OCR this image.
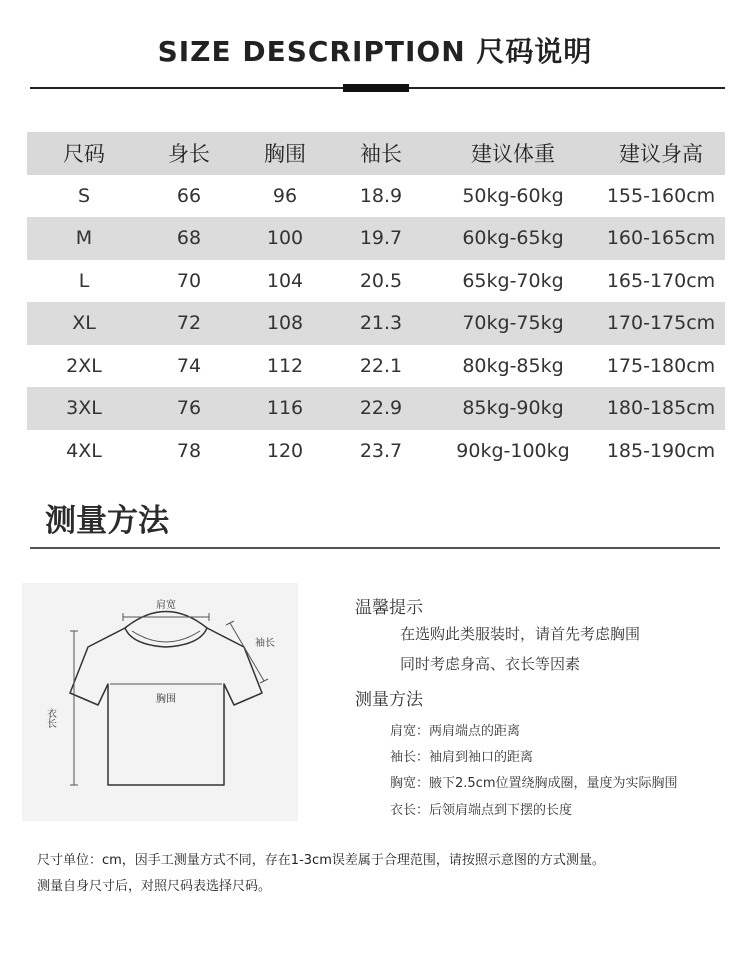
SIZE DESCRIPTION 尺码说明
尺码	身长	胸围	袖长	建议体重	建议身高
S	66	96	18.9	50kg-60kg	155-160cm
M	68	100	19.7	60kg-65kg	160-165cm
L	70	104	20.5	65kg-70kg	165-170cm
XL	72	108	21.3	70kg-75kg	170-175cm
2XL	74	112	22.1	80kg-85kg	175-180cm
3XL	76	116	22.9	85kg-90kg	180-185cm
4XL	78	120	23.7	90kg-100kg	185-190cm
测量方法
肩宽
袖长
胸围
衣长
温馨提示
在选购此类服装时，请首先考虑胸围
同时考虑身高、衣长等因素
测量方法
肩宽：两肩端点的距离
袖长：袖肩到袖口的距离
胸宽：腋下2.5cm位置绕胸成圈，量度为实际胸围
衣长：后领肩端点到下摆的长度
尺寸单位：cm，因手工测量方式不同，存在1-3cm误差属于合理范围，请按照示意图的方式测量。
测量自身尺寸后，对照尺码表选择尺码。
